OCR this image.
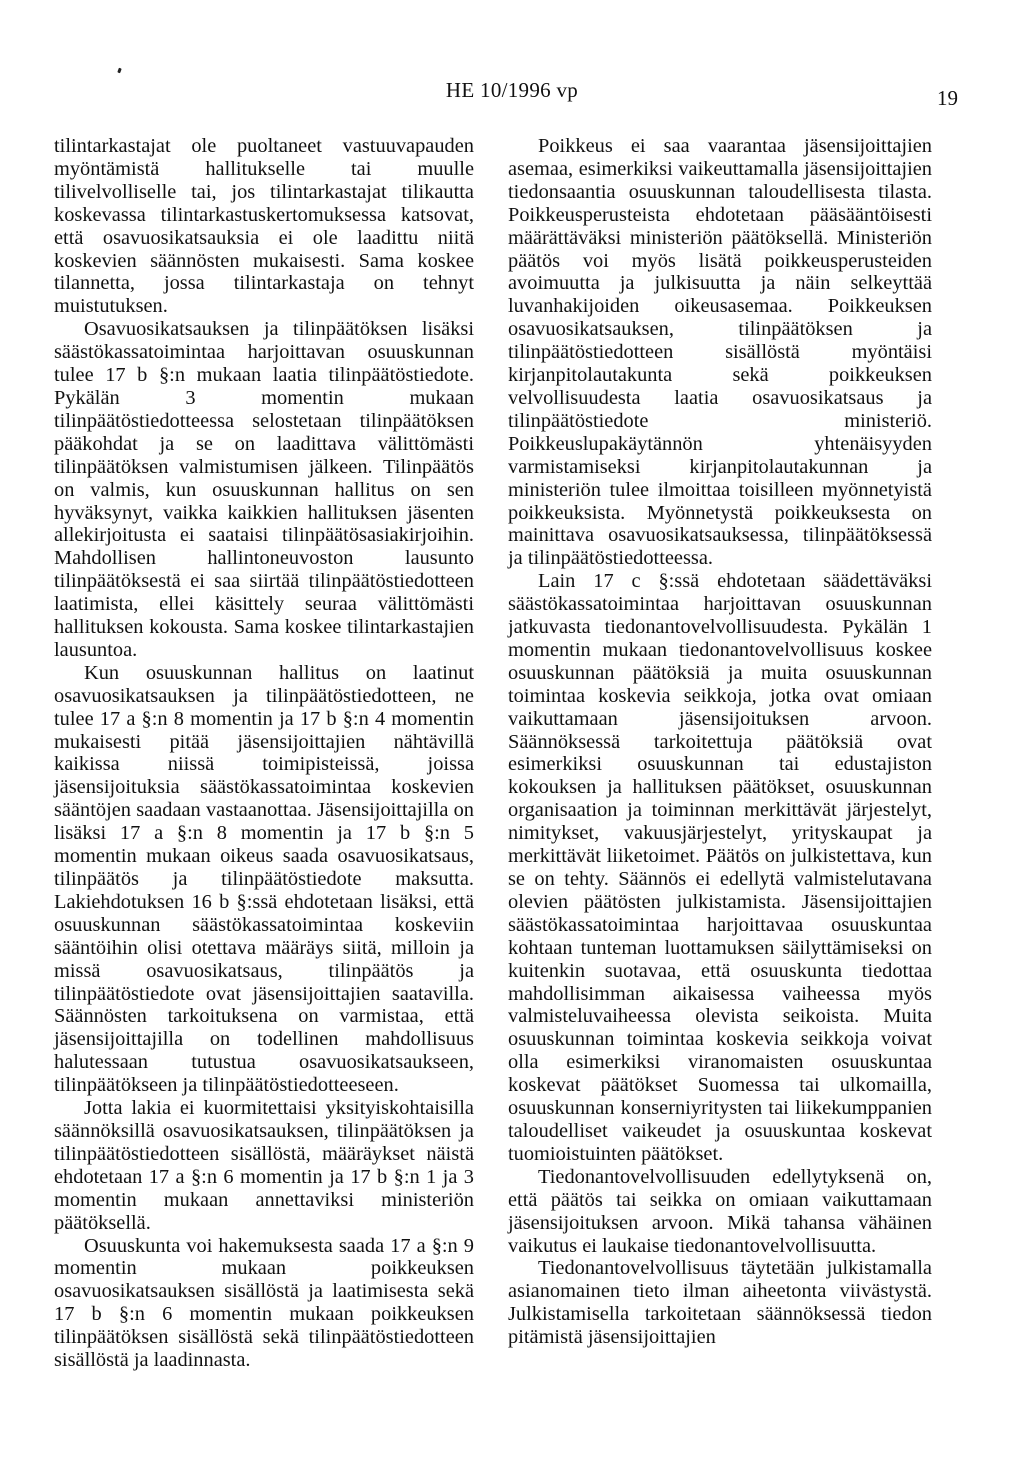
HE 10/1996 vp	19

tilintarkastajat ole puoltaneet vastuuvapauden myöntämistä hallitukselle tai muulle tilivelvolliselle tai, jos tilintarkastajat tilikautta koskevassa tilintarkastuskertomuksessa katsovat, että osavuosikatsauksia ei ole laadittu niitä koskevien säännösten mukaisesti. Sama koskee tilannetta, jossa tilintarkastaja on tehnyt muistutuksen.

Osavuosikatsauksen ja tilinpäätöksen lisäksi säästökassatoimintaa harjoittavan osuuskunnan tulee 17 b §:n mukaan laatia tilinpäätöstiedote. Pykälän 3 momentin mukaan tilinpäätöstiedotteessa selostetaan tilinpäätöksen pääkohdat ja se on laadittava välittömästi tilinpäätöksen valmistumisen jälkeen. Tilinpäätös on valmis, kun osuuskunnan hallitus on sen hyväksynyt, vaikka kaikkien hallituksen jäsenten allekirjoitusta ei saataisi tilinpäätösasiakirjoihin. Mahdollisen hallintoneuvoston lausunto tilinpäätöksestä ei saa siirtää tilinpäätöstiedotteen laatimista, ellei käsittely seuraa välittömästi hallituksen kokousta. Sama koskee tilintarkastajien lausuntoa.

Kun osuuskunnan hallitus on laatinut osavuosikatsauksen ja tilinpäätöstiedotteen, ne tulee 17 a §:n 8 momentin ja 17 b §:n 4 momentin mukaisesti pitää jäsensijoittajien nähtävillä kaikissa niissä toimipisteissä, joissa jäsensijoituksia säästökassatoimintaa koskevien sääntöjen saadaan vastaanottaa. Jäsensijoittajilla on lisäksi 17 a §:n 8 momentin ja 17 b §:n 5 momentin mukaan oikeus saada osavuosikatsaus, tilinpäätös ja tilinpäätöstiedote maksutta. Lakiehdotuksen 16 b §:ssä ehdotetaan lisäksi, että osuuskunnan säästökassatoimintaa koskeviin sääntöihin olisi otettava määräys siitä, milloin ja missä osavuosikatsaus, tilinpäätös ja tilinpäätöstiedote ovat jäsensijoittajien saatavilla. Säännösten tarkoituksena on varmistaa, että jäsensijoittajilla on todellinen mahdollisuus halutessaan tutustua osavuosikatsaukseen, tilinpäätökseen ja tilinpäätöstiedotteeseen.

Jotta lakia ei kuormitettaisi yksityiskohtaisilla säännöksillä osavuosikatsauksen, tilinpäätöksen ja tilinpäätöstiedotteen sisällöstä, määräykset näistä ehdotetaan 17 a §:n 6 momentin ja 17 b §:n 1 ja 3 momentin mukaan annettaviksi ministeriön päätöksellä.

Osuuskunta voi hakemuksesta saada 17 a §:n 9 momentin mukaan poikkeuksen osavuosikatsauksen sisällöstä ja laatimisesta sekä 17 b §:n 6 momentin mukaan poikkeuksen tilinpäätöksen sisällöstä sekä tilinpäätöstiedotteen sisällöstä ja laadinnasta.

Poikkeus ei saa vaarantaa jäsensijoittajien asemaa, esimerkiksi vaikeuttamalla jäsensijoittajien tiedonsaantia osuuskunnan taloudellisesta tilasta. Poikkeusperusteista ehdotetaan pääsääntöisesti määrättäväksi ministeriön päätöksellä. Ministeriön päätös voi myös lisätä poikkeusperusteiden avoimuutta ja julkisuutta ja näin selkeyttää luvanhakijoiden oikeusasemaa. Poikkeuksen osavuosikatsauksen, tilinpäätöksen ja tilinpäätöstiedotteen sisällöstä myöntäisi kirjanpitolautakunta sekä poikkeuksen velvollisuudesta laatia osavuosikatsaus ja tilinpäätöstiedote ministeriö. Poikkeuslupakäytännön yhtenäisyyden varmistamiseksi kirjanpitolautakunnan ja ministeriön tulee ilmoittaa toisilleen myönnetyistä poikkeuksista. Myönnetystä poikkeuksesta on mainittava osavuosikatsauksessa, tilinpäätöksessä ja tilinpäätöstiedotteessa.

Lain 17 c §:ssä ehdotetaan säädettäväksi säästökassatoimintaa harjoittavan osuuskunnan jatkuvasta tiedonantovelvollisuudesta. Pykälän 1 momentin mukaan tiedonantovelvollisuus koskee osuuskunnan päätöksiä ja muita osuuskunnan toimintaa koskevia seikkoja, jotka ovat omiaan vaikuttamaan jäsensijoituksen arvoon. Säännöksessä tarkoitettuja päätöksiä ovat esimerkiksi osuuskunnan tai edustajiston kokouksen ja hallituksen päätökset, osuuskunnan organisaation ja toiminnan merkittävät järjestelyt, nimitykset, vakuusjärjestelyt, yrityskaupat ja merkittävät liiketoimet. Päätös on julkistettava, kun se on tehty. Säännös ei edellytä valmistelutavana olevien päätösten julkistamista. Jäsensijoittajien säästökassatoimintaa harjoittavaa osuuskuntaa kohtaan tunteman luottamuksen säilyttämiseksi on kuitenkin suotavaa, että osuuskunta tiedottaa mahdollisimman aikaisessa vaiheessa myös valmisteluvaiheessa olevista seikoista. Muita osuuskunnan toimintaa koskevia seikkoja voivat olla esimerkiksi viranomaisten osuuskuntaa koskevat päätökset Suomessa tai ulkomailla, osuuskunnan konserniyritysten tai liikekumppanien taloudelliset vaikeudet ja osuuskuntaa koskevat tuomioistuinten päätökset.

Tiedonantovelvollisuuden edellytyksenä on, että päätös tai seikka on omiaan vaikuttamaan jäsensijoituksen arvoon. Mikä tahansa vähäinen vaikutus ei laukaise tiedonantovelvollisuutta.

Tiedonantovelvollisuus täytetään julkistamalla asianomainen tieto ilman aiheetonta viivästystä. Julkistamisella tarkoitetaan säännöksessä tiedon pitämistä jäsensijoittajien
